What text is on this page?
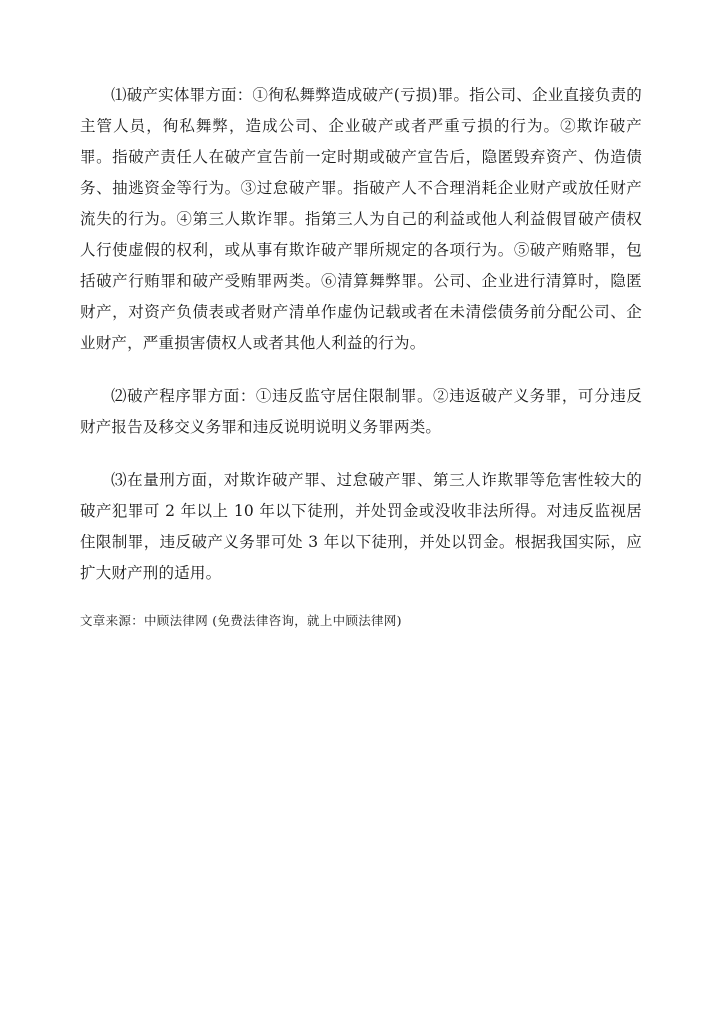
⑴破产实体罪方面：①徇私舞弊造成破产(亏损)罪。指公司、企业直接负责的主管人员，徇私舞弊，造成公司、企业破产或者严重亏损的行为。②欺诈破产罪。指破产责任人在破产宣告前一定时期或破产宣告后，隐匿毁弃资产、伪造债务、抽逃资金等行为。③过怠破产罪。指破产人不合理消耗企业财产或放任财产流失的行为。④第三人欺诈罪。指第三人为自己的利益或他人利益假冒破产债权人行使虚假的权利，或从事有欺诈破产罪所规定的各项行为。⑤破产贿赂罪，包括破产行贿罪和破产受贿罪两类。⑥清算舞弊罪。公司、企业进行清算时，隐匿财产，对资产负债表或者财产清单作虚伪记载或者在未清偿债务前分配公司、企业财产，严重损害债权人或者其他人利益的行为。

⑵破产程序罪方面：①违反监守居住限制罪。②违返破产义务罪，可分违反财产报告及移交义务罪和违反说明说明义务罪两类。

⑶在量刑方面，对欺诈破产罪、过怠破产罪、第三人诈欺罪等危害性较大的破产犯罪可 2 年以上 10 年以下徒刑，并处罚金或没收非法所得。对违反监视居住限制罪，违反破产义务罪可处 3 年以下徒刑，并处以罚金。根据我国实际，应扩大财产刑的适用。

文章来源：中顾法律网 (免费法律咨询，就上中顾法律网)
